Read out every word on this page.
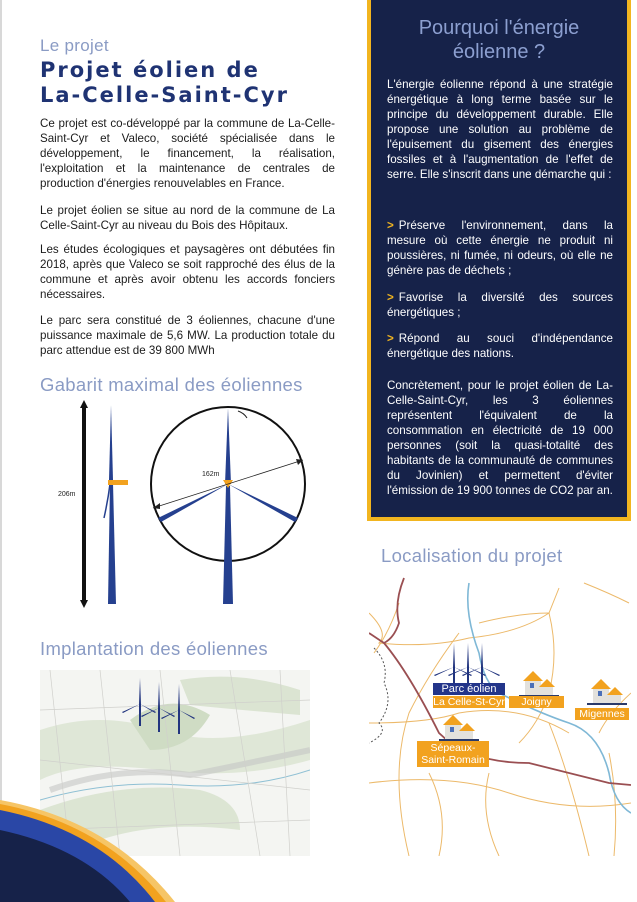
Le projet
Projet éolien de
La-Celle-Saint-Cyr
Ce projet est co-développé par la commune de La-Celle-Saint-Cyr et Valeco, société spécialisée dans le développement, le financement, la réalisation, l'exploitation et la maintenance de centrales de production d'énergies renouvelables en France.
Le projet éolien se situe au nord de la commune de La Celle-Saint-Cyr au niveau du Bois des Hôpitaux.
Les études écologiques et paysagères ont débutées fin 2018, après que Valeco se soit rapproché des élus de la commune et après avoir obtenu les accords fonciers nécessaires.
Le parc sera constitué de 3 éoliennes, chacune d'une puissance maximale de 5,6 MW. La production totale du parc attendue est de 39 800 MWh
Gabarit maximal des éoliennes
206m
162m
Implantation des éoliennes
Pourquoi l'énergie
éolienne ?
L'énergie éolienne répond à une stratégie énergétique à long terme basée sur le principe du développement durable. Elle propose une solution au problème de l'épuisement du gisement des énergies fossiles et à l'augmentation de l'effet de serre. Elle s'inscrit dans une démarche qui :
> Préserve l'environnement, dans la mesure où cette énergie ne produit ni poussières, ni fumée, ni odeurs, où elle ne génère pas de déchets ;
> Favorise la diversité des sources énergétiques ;
> Répond au souci d'indépendance énergétique des nations.
Concrètement, pour le projet éolien de La-Celle-Saint-Cyr, les 3 éoliennes représentent l'équivalent de la consommation en électricité de 19 000 personnes (soit la quasi-totalité des habitants de la communauté de communes du Jovinien) et permettent d'éviter l'émission de 19 900 tonnes de CO2 par an.
Localisation du projet
Parc éolien
La Celle-St-Cyr	Joigny
Migennes
Sépeaux-
Saint-Romain
